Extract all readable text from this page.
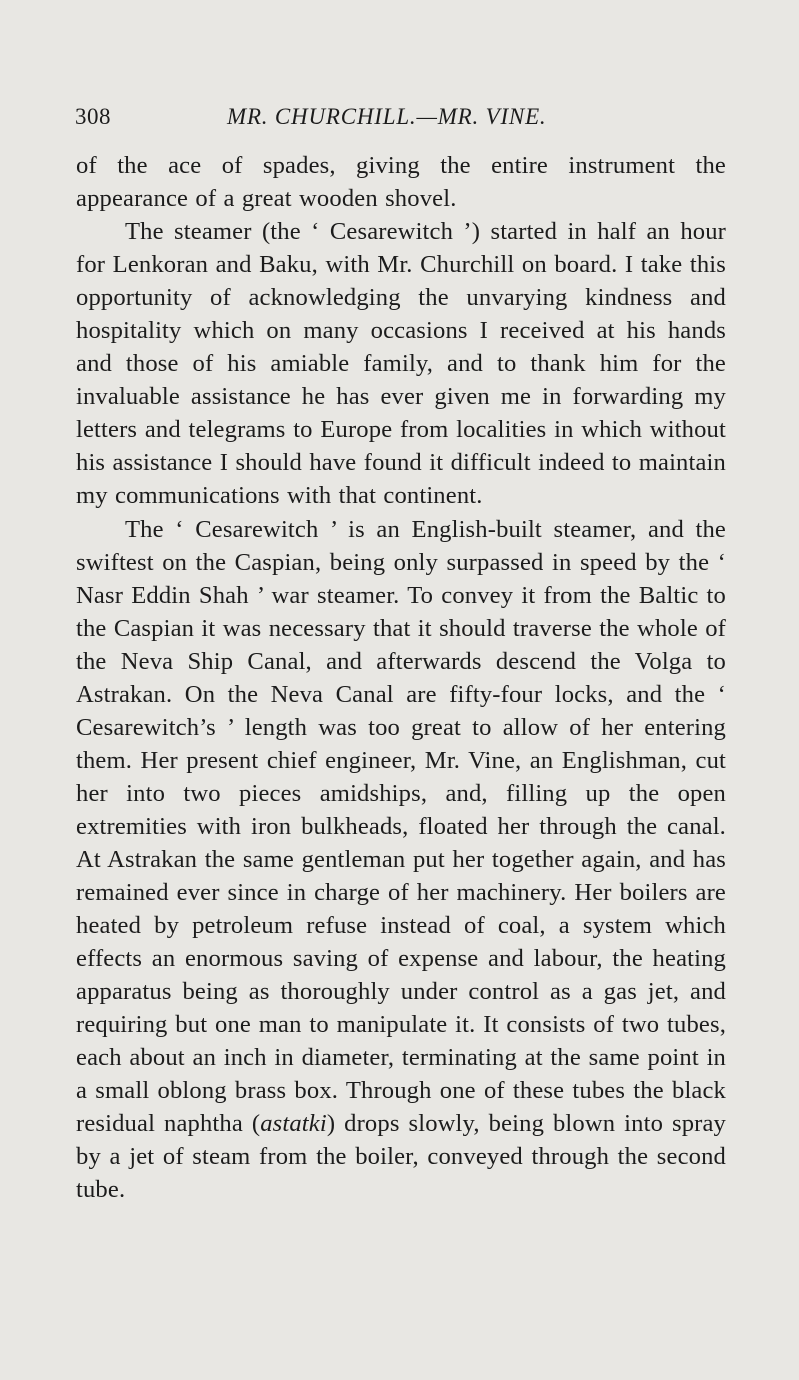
308	MR. CHURCHILL.—MR. VINE.

of the ace of spades, giving the entire instrument the appearance of a great wooden shovel.

The steamer (the ‘ Cesarewitch ’) started in half an hour for Lenkoran and Baku, with Mr. Churchill on board. I take this opportunity of acknowledging the unvarying kindness and hospitality which on many occasions I received at his hands and those of his amiable family, and to thank him for the invaluable assistance he has ever given me in forwarding my letters and telegrams to Europe from localities in which without his assistance I should have found it difficult indeed to maintain my communications with that continent.

The ‘ Cesarewitch ’ is an English-built steamer, and the swiftest on the Caspian, being only surpassed in speed by the ‘ Nasr Eddin Shah ’ war steamer. To convey it from the Baltic to the Caspian it was necessary that it should traverse the whole of the Neva Ship Canal, and afterwards descend the Volga to Astrakan. On the Neva Canal are fifty-four locks, and the ‘ Cesarewitch’s ’ length was too great to allow of her entering them. Her present chief engineer, Mr. Vine, an Englishman, cut her into two pieces amidships, and, filling up the open extremities with iron bulkheads, floated her through the canal. At Astrakan the same gentleman put her together again, and has remained ever since in charge of her machinery. Her boilers are heated by petroleum refuse instead of coal, a system which effects an enormous saving of expense and labour, the heating apparatus being as thoroughly under control as a gas jet, and requiring but one man to manipulate it. It consists of two tubes, each about an inch in diameter, terminating at the same point in a small oblong brass box. Through one of these tubes the black residual naphtha (astatki) drops slowly, being blown into spray by a jet of steam from the boiler, conveyed through the second tube.
